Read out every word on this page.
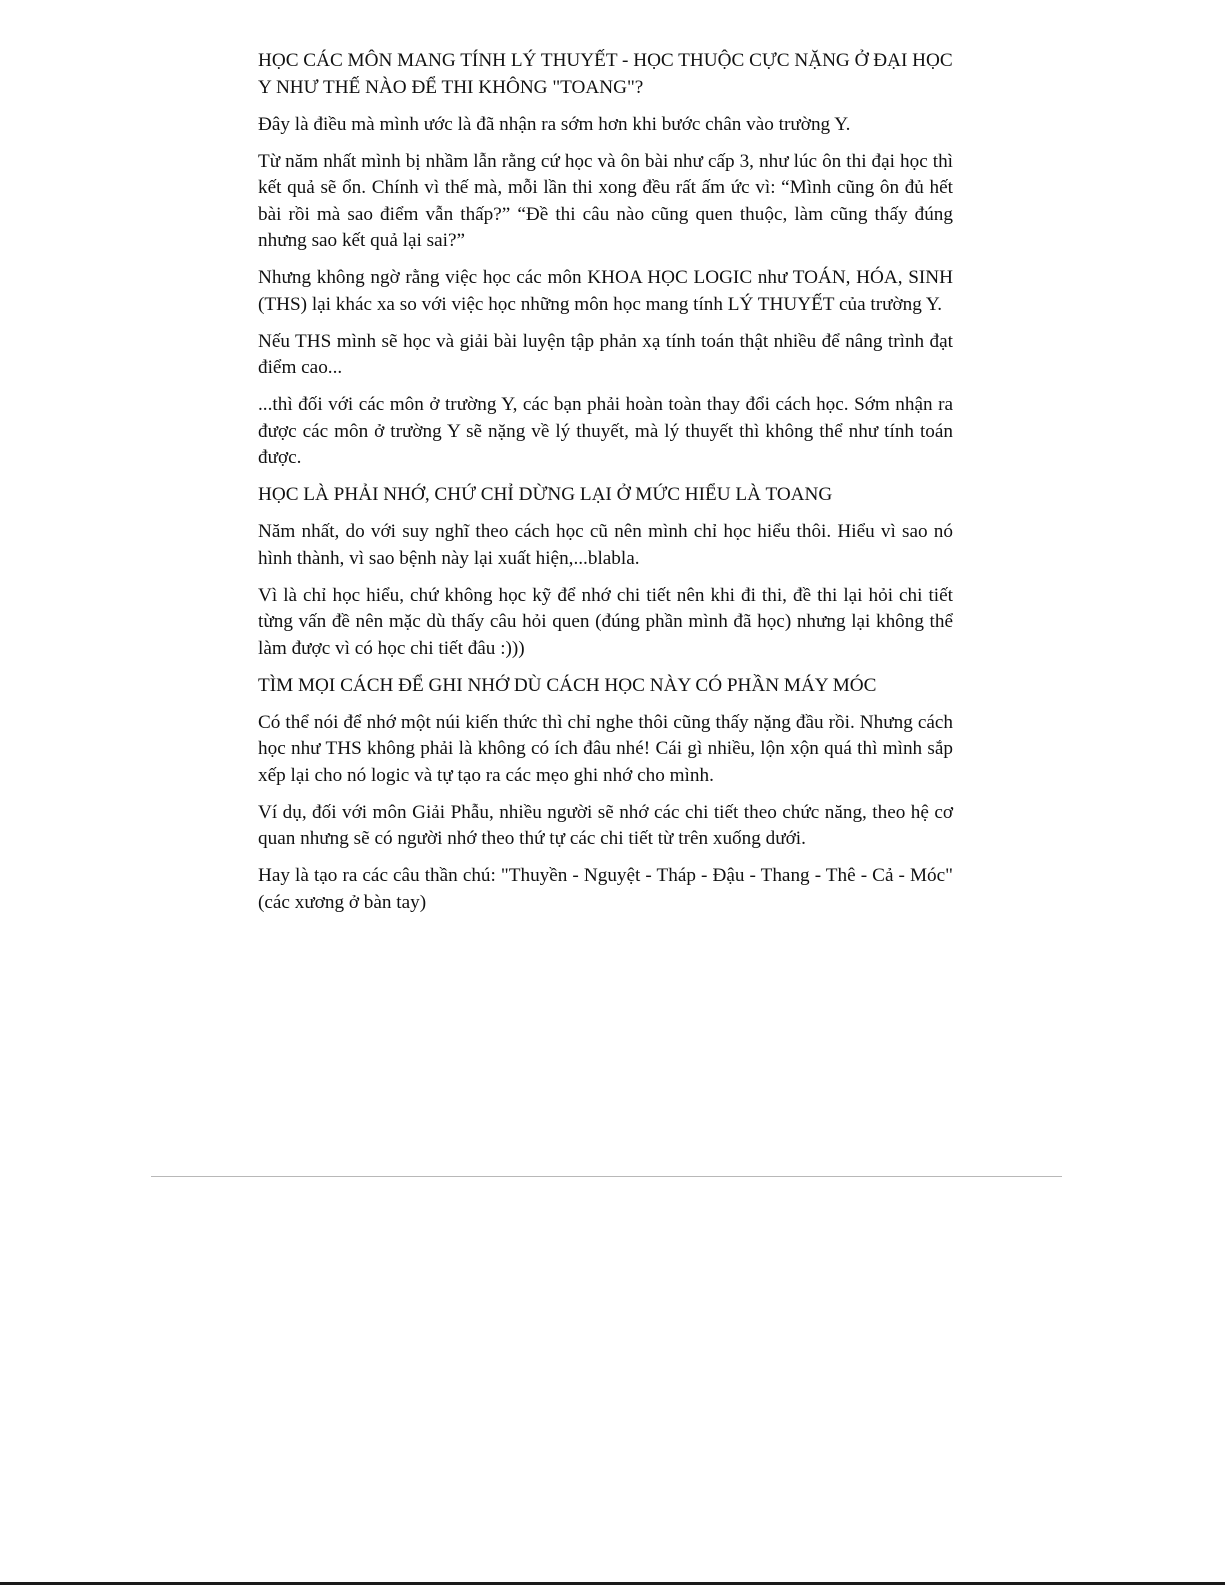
HỌC CÁC MÔN MANG TÍNH LÝ THUYẾT - HỌC THUỘC CỰC NẶNG Ở ĐẠI HỌC Y NHƯ THẾ NÀO ĐỂ THI KHÔNG "TOANG"?

Đây là điều mà mình ước là đã nhận ra sớm hơn khi bước chân vào trường Y.

Từ năm nhất mình bị nhầm lẫn rằng cứ học và ôn bài như cấp 3, như lúc ôn thi đại học thì kết quả sẽ ổn. Chính vì thế mà, mỗi lần thi xong đều rất ấm ức vì: “Mình cũng ôn đủ hết bài rồi mà sao điểm vẫn thấp?” “Đề thi câu nào cũng quen thuộc, làm cũng thấy đúng nhưng sao kết quả lại sai?”

Nhưng không ngờ rằng việc học các môn KHOA HỌC LOGIC như TOÁN, HÓA, SINH (THS) lại khác xa so với việc học những môn học mang tính LÝ THUYẾT của trường Y.

Nếu THS mình sẽ học và giải bài luyện tập phản xạ tính toán thật nhiều để nâng trình đạt điểm cao...

...thì đối với các môn ở trường Y, các bạn phải hoàn toàn thay đổi cách học. Sớm nhận ra được các môn ở trường Y sẽ nặng về lý thuyết, mà lý thuyết thì không thể như tính toán được.

HỌC LÀ PHẢI NHỚ, CHỨ CHỈ DỪNG LẠI Ở MỨC HIỂU LÀ TOANG

Năm nhất, do với suy nghĩ theo cách học cũ nên mình chỉ học hiểu thôi. Hiểu vì sao nó hình thành, vì sao bệnh này lại xuất hiện,...blabla.

Vì là chỉ học hiểu, chứ không học kỹ để nhớ chi tiết nên khi đi thi, đề thi lại hỏi chi tiết từng vấn đề nên mặc dù thấy câu hỏi quen (đúng phần mình đã học) nhưng lại không thể làm được vì có học chi tiết đâu :)))

TÌM MỌI CÁCH ĐỂ GHI NHỚ DÙ CÁCH HỌC NÀY CÓ PHẦN MÁY MÓC

Có thể nói để nhớ một núi kiến thức thì chỉ nghe thôi cũng thấy nặng đầu rồi. Nhưng cách học như THS không phải là không có ích đâu nhé! Cái gì nhiều, lộn xộn quá thì mình sắp xếp lại cho nó logic và tự tạo ra các mẹo ghi nhớ cho mình.

Ví dụ, đối với môn Giải Phẫu, nhiều người sẽ nhớ các chi tiết theo chức năng, theo hệ cơ quan nhưng sẽ có người nhớ theo thứ tự các chi tiết từ trên xuống dưới.

Hay là tạo ra các câu thần chú: "Thuyền - Nguyệt - Tháp - Đậu - Thang - Thê - Cả - Móc" (các xương ở bàn tay)
